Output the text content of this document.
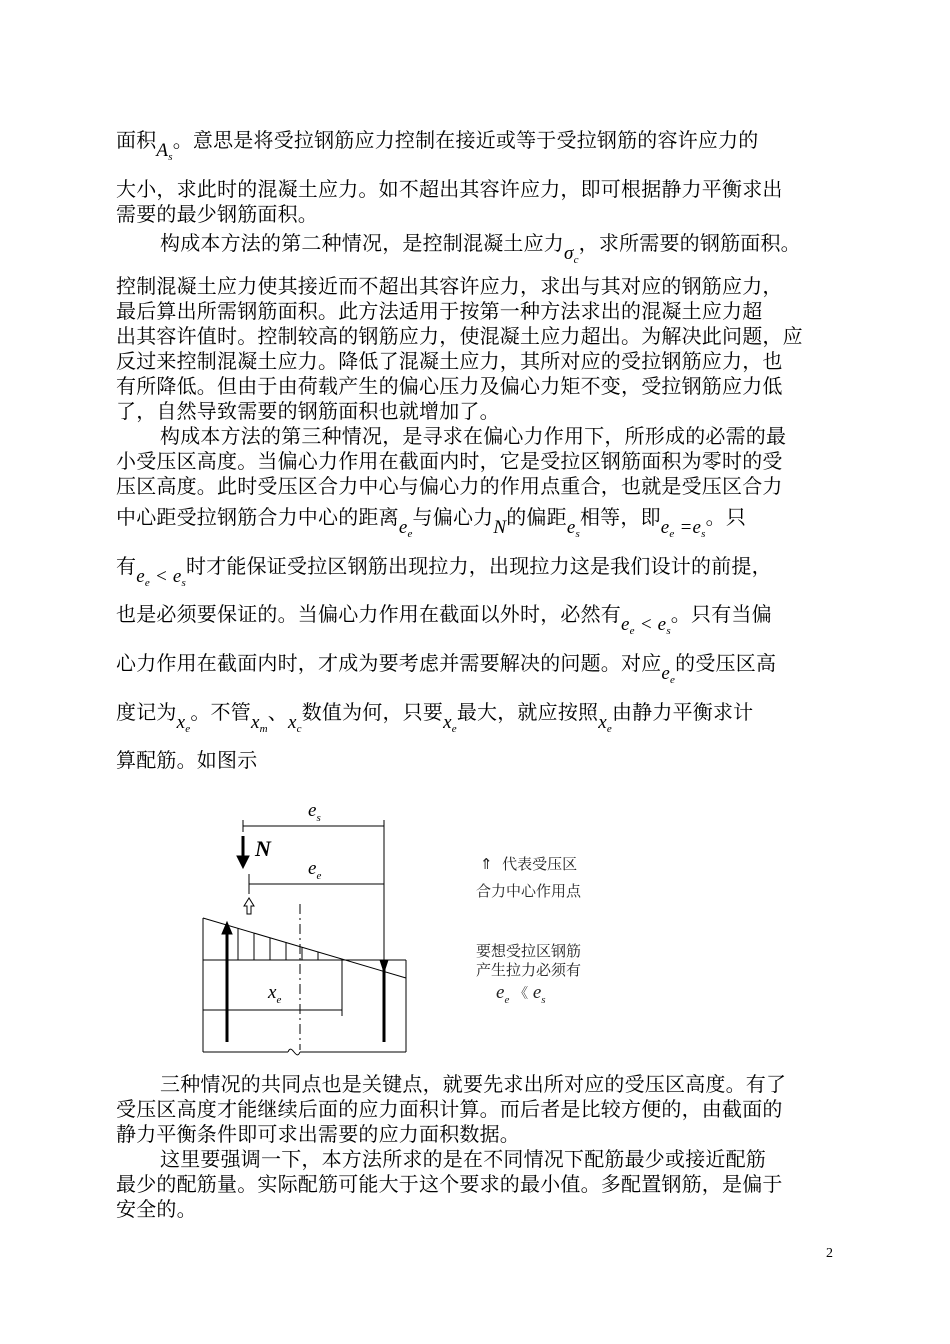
面积$A_s$。意思是将受拉钢筋应力控制在接近或等于受拉钢筋的容许应力的
大小，求此时的混凝土应力。如不超出其容许应力，即可根据静力平衡求出
需要的最少钢筋面积。
构成本方法的第二种情况，是控制混凝土应力$\sigma_c$，求所需要的钢筋面积。
控制混凝土应力使其接近而不超出其容许应力，求出与其对应的钢筋应力，
最后算出所需钢筋面积。此方法适用于按第一种方法求出的混凝土应力超
出其容许值时。控制较高的钢筋应力，使混凝土应力超出。为解决此问题，应
反过来控制混凝土应力。降低了混凝土应力，其所对应的受拉钢筋应力，也
有所降低。但由于由荷载产生的偏心压力及偏心力矩不变，受拉钢筋应力低
了，自然导致需要的钢筋面积也就增加了。
构成本方法的第三种情况，是寻求在偏心力作用下，所形成的必需的最
小受压区高度。当偏心力作用在截面内时，它是受拉区钢筋面积为零时的受
压区高度。此时受压区合力中心与偏心力的作用点重合，也就是受压区合力
中心距受拉钢筋合力中心的距离$e_e$与偏心力N的偏距$e_s$相等，即$e_e =e_s$。只
有$e_e < e_s$时才能保证受拉区钢筋出现拉力，出现拉力这是我们设计的前提，
也是必须要保证的。当偏心力作用在截面以外时，必然有$e_e < e_s$。只有当偏
心力作用在截面内时，才成为要考虑并需要解决的问题。对应$e_e$的受压区高
度记为$x_e$。不管$x_m$、$x_c$数值为何，只要$x_e$最大，就应按照$x_e$由静力平衡求计
算配筋。如图示
$e_s$
N
$e_e$
$x_e$
⇑ 代表受压区
合力中心作用点
要想受拉区钢筋
产生拉力必须有
$e_e$ 《 $e_s$
三种情况的共同点也是关键点，就要先求出所对应的受压区高度。有了
受压区高度才能继续后面的应力面积计算。而后者是比较方便的，由截面的
静力平衡条件即可求出需要的应力面积数据。
这里要强调一下，本方法所求的是在不同情况下配筋最少或接近配筋
最少的配筋量。实际配筋可能大于这个要求的最小值。多配置钢筋，是偏于
安全的。
2
